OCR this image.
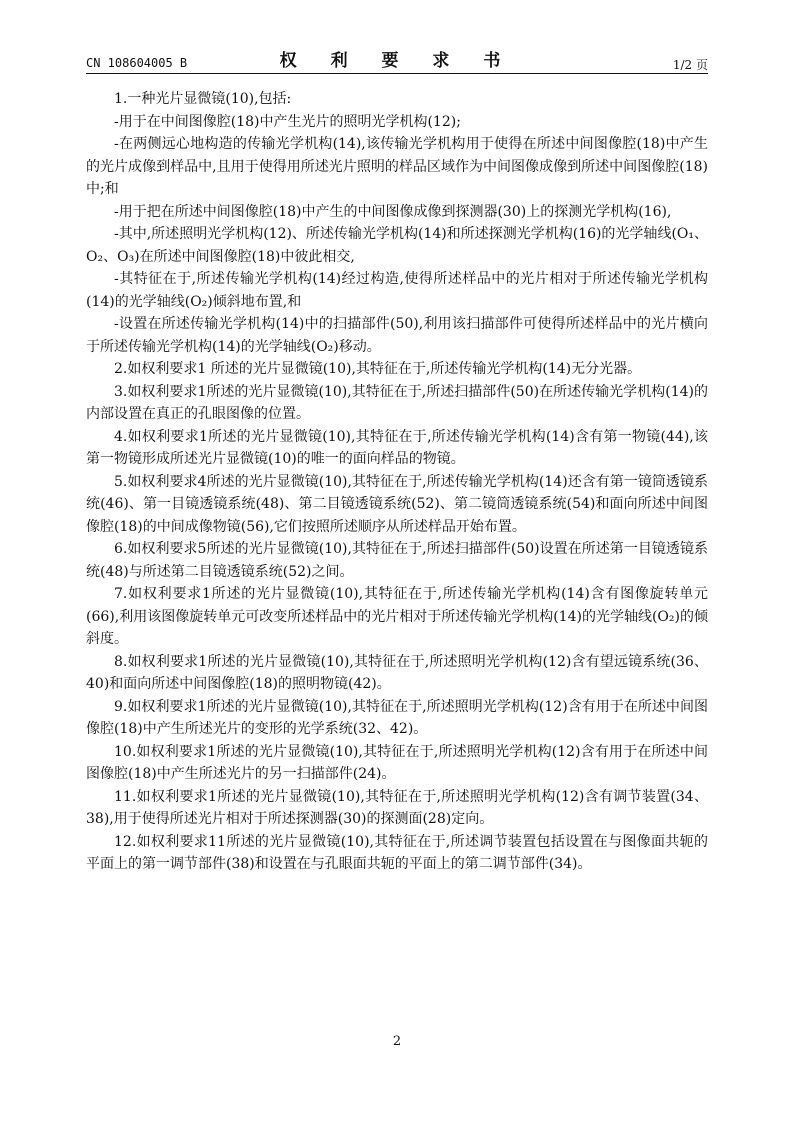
CN 108604005 B	权 利 要 求 书	1/2 页

1.一种光片显微镜(10),包括:

-用于在中间图像腔(18)中产生光片的照明光学机构(12);

-在两侧远心地构造的传输光学机构(14),该传输光学机构用于使得在所述中间图像腔(18)中产生的光片成像到样品中,且用于使得用所述光片照明的样品区域作为中间图像成像到所述中间图像腔(18)中;和

-用于把在所述中间图像腔(18)中产生的中间图像成像到探测器(30)上的探测光学机构(16),

-其中,所述照明光学机构(12)、所述传输光学机构(14)和所述探测光学机构(16)的光学轴线(O₁、O₂、O₃)在所述中间图像腔(18)中彼此相交,

-其特征在于,所述传输光学机构(14)经过构造,使得所述样品中的光片相对于所述传输光学机构(14)的光学轴线(O₂)倾斜地布置,和

-设置在所述传输光学机构(14)中的扫描部件(50),利用该扫描部件可使得所述样品中的光片横向于所述传输光学机构(14)的光学轴线(O₂)移动。

2.如权利要求1 所述的光片显微镜(10),其特征在于,所述传输光学机构(14)无分光器。

3.如权利要求1所述的光片显微镜(10),其特征在于,所述扫描部件(50)在所述传输光学机构(14)的内部设置在真正的孔眼图像的位置。

4.如权利要求1所述的光片显微镜(10),其特征在于,所述传输光学机构(14)含有第一物镜(44),该第一物镜形成所述光片显微镜(10)的唯一的面向样品的物镜。

5.如权利要求4所述的光片显微镜(10),其特征在于,所述传输光学机构(14)还含有第一镜筒透镜系统(46)、第一目镜透镜系统(48)、第二目镜透镜系统(52)、第二镜筒透镜系统(54)和面向所述中间图像腔(18)的中间成像物镜(56),它们按照所述顺序从所述样品开始布置。

6.如权利要求5所述的光片显微镜(10),其特征在于,所述扫描部件(50)设置在所述第一目镜透镜系统(48)与所述第二目镜透镜系统(52)之间。

7.如权利要求1所述的光片显微镜(10),其特征在于,所述传输光学机构(14)含有图像旋转单元(66),利用该图像旋转单元可改变所述样品中的光片相对于所述传输光学机构(14)的光学轴线(O₂)的倾斜度。

8.如权利要求1所述的光片显微镜(10),其特征在于,所述照明光学机构(12)含有望远镜系统(36、40)和面向所述中间图像腔(18)的照明物镜(42)。

9.如权利要求1所述的光片显微镜(10),其特征在于,所述照明光学机构(12)含有用于在所述中间图像腔(18)中产生所述光片的变形的光学系统(32、42)。

10.如权利要求1所述的光片显微镜(10),其特征在于,所述照明光学机构(12)含有用于在所述中间图像腔(18)中产生所述光片的另一扫描部件(24)。

11.如权利要求1所述的光片显微镜(10),其特征在于,所述照明光学机构(12)含有调节装置(34、38),用于使得所述光片相对于所述探测器(30)的探测面(28)定向。

12.如权利要求11所述的光片显微镜(10),其特征在于,所述调节装置包括设置在与图像面共轭的平面上的第一调节部件(38)和设置在与孔眼面共轭的平面上的第二调节部件(34)。

2
